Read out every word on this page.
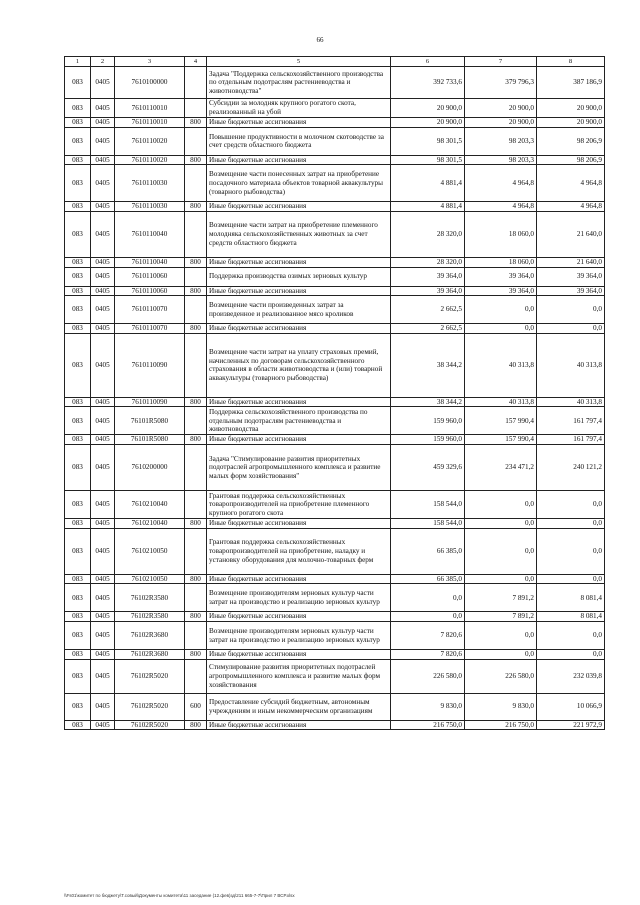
66
1	2	3	4	5	6	7	8
083	0405	7610100000		Задача "Поддержка сельскохозяйственного производства по отдельным подотраслям растениеводства и животноводства"	392 733,6	379 796,3	387 186,9
083	0405	7610110010		Субсидии за молодняк крупного рогатого скота, реализованный на убой	20 900,0	20 900,0	20 900,0
083	0405	7610110010	800	Иные бюджетные ассигнования	20 900,0	20 900,0	20 900,0
083	0405	7610110020		Повышение продуктивности в молочном скотоводстве за счет средств областного бюджета	98 301,5	98 203,3	98 206,9
083	0405	7610110020	800	Иные бюджетные ассигнования	98 301,5	98 203,3	98 206,9
083	0405	7610110030		Возмещение части понесенных затрат на приобретение посадочного материала объектов товарной аквакультуры (товарного рыбоводства)	4 881,4	4 964,8	4 964,8
083	0405	7610110030	800	Иные бюджетные ассигнования	4 881,4	4 964,8	4 964,8
083	0405	7610110040		Возмещение части затрат на приобретение племенного молодняка сельскохозяйственных животных за счет средств областного бюджета	28 320,0	18 060,0	21 640,0
083	0405	7610110040	800	Иные бюджетные ассигнования	28 320,0	18 060,0	21 640,0
083	0405	7610110060		Поддержка производства озимых зерновых культур	39 364,0	39 364,0	39 364,0
083	0405	7610110060	800	Иные бюджетные ассигнования	39 364,0	39 364,0	39 364,0
083	0405	7610110070		Возмещение части произведенных затрат за произведенное и реализованное мясо кроликов	2 662,5	0,0	0,0
083	0405	7610110070	800	Иные бюджетные ассигнования	2 662,5	0,0	0,0
083	0405	7610110090		Возмещение части затрат на уплату страховых премий, начисленных по договорам сельскохозяйственного страхования в области животноводства и (или) товарной аквакультуры (товарного рыбоводства)	38 344,2	40 313,8	40 313,8
083	0405	7610110090	800	Иные бюджетные ассигнования	38 344,2	40 313,8	40 313,8
083	0405	76101R5080		Поддержка сельскохозяйственного производства по отдельным подотраслям растениеводства и животноводства	159 960,0	157 990,4	161 797,4
083	0405	76101R5080	800	Иные бюджетные ассигнования	159 960,0	157 990,4	161 797,4
083	0405	7610200000		Задача "Стимулирование развития приоритетных подотраслей агропромышленного комплекса и развитие малых форм хозяйствования"	459 329,6	234 471,2	240 121,2
083	0405	7610210040		Грантовая поддержка сельскохозяйственных товаропроизводителей на приобретение племенного крупного рогатого скота	158 544,0	0,0	0,0
083	0405	7610210040	800	Иные бюджетные ассигнования	158 544,0	0,0	0,0
083	0405	7610210050		Грантовая поддержка сельскохозяйственных товаропроизводителей на приобретение, наладку и установку оборудования для молочно-товарных ферм	66 385,0	0,0	0,0
083	0405	7610210050	800	Иные бюджетные ассигнования	66 385,0	0,0	0,0
083	0405	76102R3580		Возмещение производителям зерновых культур части затрат на производство и реализацию зерновых культур	0,0	7 891,2	8 081,4
083	0405	76102R3580	800	Иные бюджетные ассигнования	0,0	7 891,2	8 081,4
083	0405	76102R3680		Возмещение производителям зерновых культур части затрат на производство и реализацию зерновых культур	7 820,6	0,0	0,0
083	0405	76102R3680	800	Иные бюджетные ассигнования	7 820,6	0,0	0,0
083	0405	76102R5020		Стимулирование развития приоритетных подотраслей агропромышленного комплекса и развитие малых форм хозяйствования	226 580,0	226 580,0	232 039,8
083	0405	76102R5020	600	Предоставление субсидий бюджетным, автономным учреждениям и иным некоммерческим организациям	9 830,0	9 830,0	10 066,9
083	0405	76102R5020	800	Иные бюджетные ассигнования	216 750,0	216 750,0	221 972,9
\\Fs01\комитет по бюджету\Т.совый\Документы комитета\11 заседание (12.фев)зд\211 665-7-7\Прил 7 ВСР.xlsx
